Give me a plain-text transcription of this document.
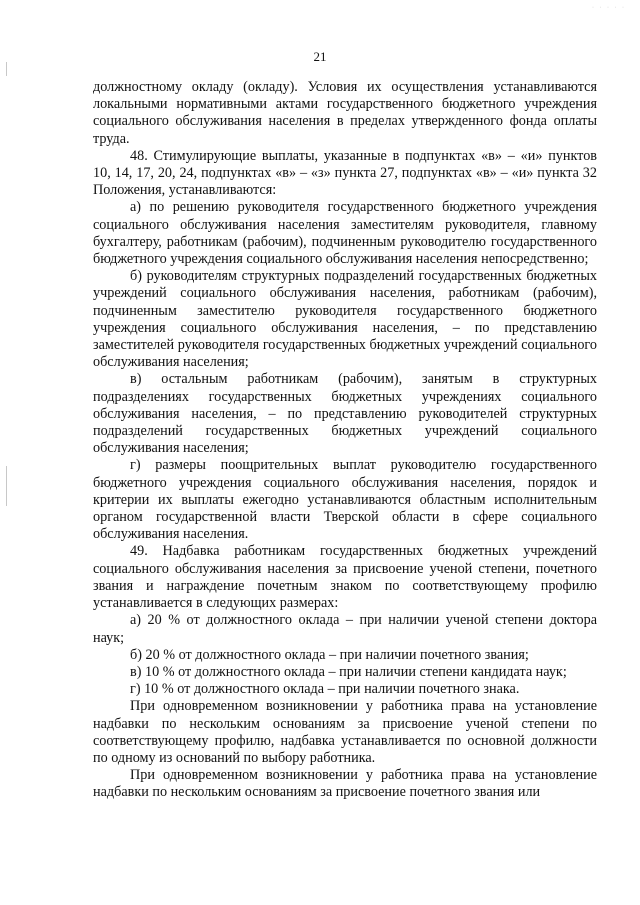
· · · · ·
21

должностному окладу (окладу). Условия их осуществления устанавливаются локальными нормативными актами государственного бюджетного учреждения социального обслуживания населения в пределах утвержденного фонда оплаты труда.

48. Стимулирующие выплаты, указанные в подпунктах «в» – «и» пунктов 10, 14, 17, 20, 24, подпунктах «в» – «з» пункта 27, подпунктах «в» – «и» пункта 32 Положения, устанавливаются:

а) по решению руководителя государственного бюджетного учреждения социального обслуживания населения заместителям руководителя, главному бухгалтеру, работникам (рабочим), подчиненным руководителю государственного бюджетного учреждения социального обслуживания населения непосредственно;

б) руководителям структурных подразделений государственных бюджетных учреждений социального обслуживания населения, работникам (рабочим), подчиненным заместителю руководителя государственного бюджетного учреждения социального обслуживания населения, – по представлению заместителей руководителя государственных бюджетных учреждений социального обслуживания населения;

в) остальным работникам (рабочим), занятым в структурных подразделениях государственных бюджетных учреждениях социального обслуживания населения, – по представлению руководителей структурных подразделений государственных бюджетных учреждений социального обслуживания населения;

г) размеры поощрительных выплат руководителю государственного бюджетного учреждения социального обслуживания населения, порядок и критерии их выплаты ежегодно устанавливаются областным исполнительным органом государственной власти Тверской области в сфере социального обслуживания населения.

49. Надбавка работникам государственных бюджетных учреждений социального обслуживания населения за присвоение ученой степени, почетного звания и награждение почетным знаком по соответствующему профилю устанавливается в следующих размерах:

а) 20 % от должностного оклада – при наличии ученой степени доктора наук;

б) 20 % от должностного оклада – при наличии почетного звания;

в) 10 % от должностного оклада – при наличии степени кандидата наук;

г) 10 % от должностного оклада – при наличии почетного знака.

При одновременном возникновении у работника права на установление надбавки по нескольким основаниям за присвоение ученой степени по соответствующему профилю, надбавка устанавливается по основной должности по одному из оснований по выбору работника.

При одновременном возникновении у работника права на установление надбавки по нескольким основаниям за присвоение почетного звания или
